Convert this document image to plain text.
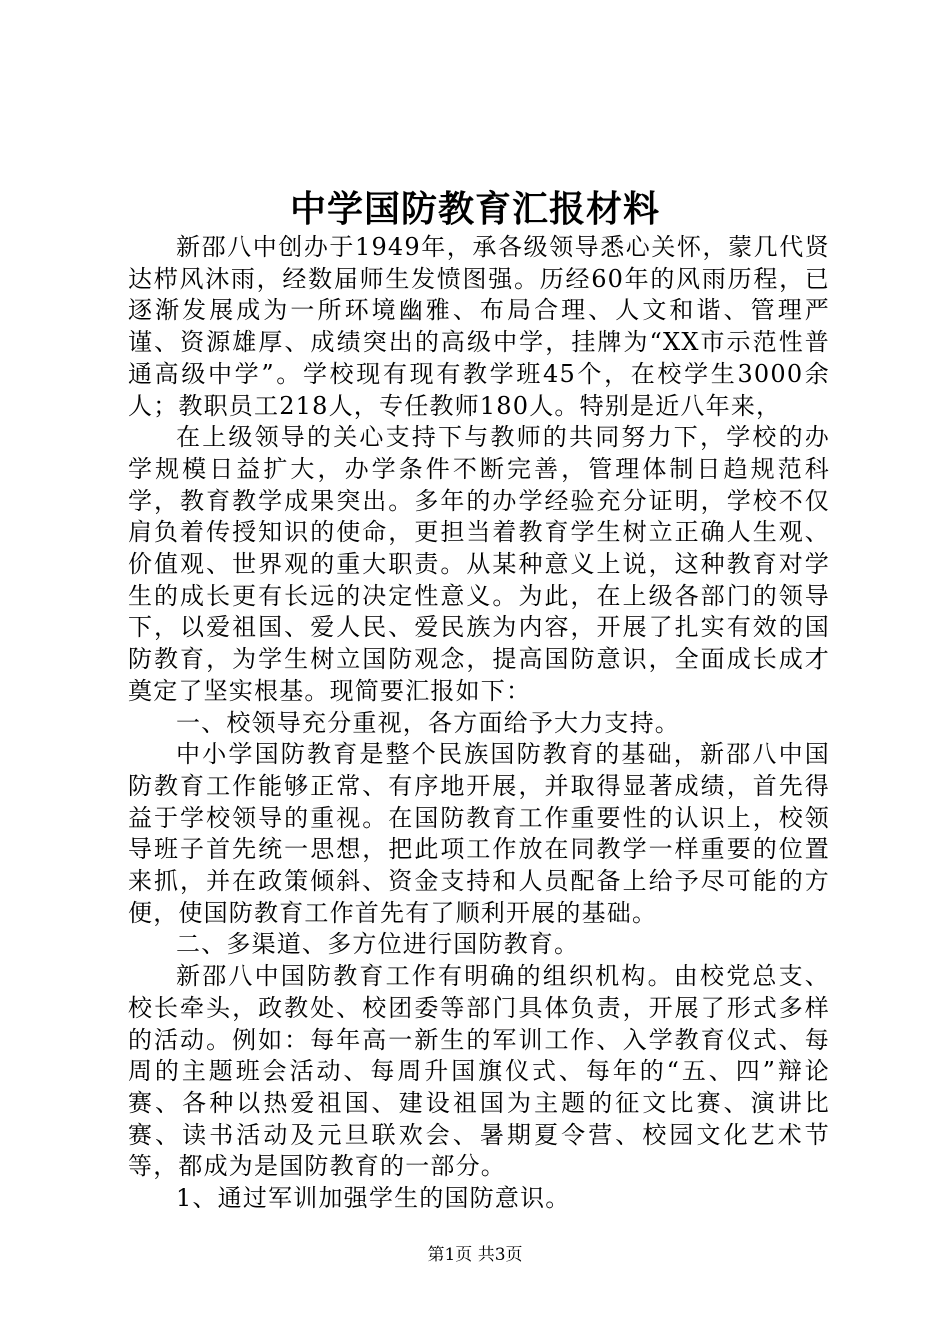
中学国防教育汇报材料

新邵八中创办于1949年，承各级领导悉心关怀，蒙几代贤达栉风沐雨，经数届师生发愤图强。历经60年的风雨历程，已逐渐发展成为一所环境幽雅、布局合理、人文和谐、管理严谨、资源雄厚、成绩突出的高级中学，挂牌为“XX市示范性普通高级中学”。学校现有现有教学班45个，在校学生3000余人；教职员工218人，专任教师180人。特别是近八年来，

在上级领导的关心支持下与教师的共同努力下，学校的办学规模日益扩大，办学条件不断完善，管理体制日趋规范科学，教育教学成果突出。多年的办学经验充分证明，学校不仅肩负着传授知识的使命，更担当着教育学生树立正确人生观、价值观、世界观的重大职责。从某种意义上说，这种教育对学生的成长更有长远的决定性意义。为此，在上级各部门的领导下，以爱祖国、爱人民、爱民族为内容，开展了扎实有效的国防教育，为学生树立国防观念，提高国防意识，全面成长成才奠定了坚实根基。现简要汇报如下：

一、校领导充分重视，各方面给予大力支持。

中小学国防教育是整个民族国防教育的基础，新邵八中国防教育工作能够正常、有序地开展，并取得显著成绩，首先得益于学校领导的重视。在国防教育工作重要性的认识上，校领导班子首先统一思想，把此项工作放在同教学一样重要的位置来抓，并在政策倾斜、资金支持和人员配备上给予尽可能的方便，使国防教育工作首先有了顺利开展的基础。

二、多渠道、多方位进行国防教育。

新邵八中国防教育工作有明确的组织机构。由校党总支、校长牵头，政教处、校团委等部门具体负责，开展了形式多样的活动。例如：每年高一新生的军训工作、入学教育仪式、每周的主题班会活动、每周升国旗仪式、每年的“五、四”辩论赛、各种以热爱祖国、建设祖国为主题的征文比赛、演讲比赛、读书活动及元旦联欢会、暑期夏令营、校园文化艺术节等，都成为是国防教育的一部分。

1、通过军训加强学生的国防意识。

第1页 共3页
